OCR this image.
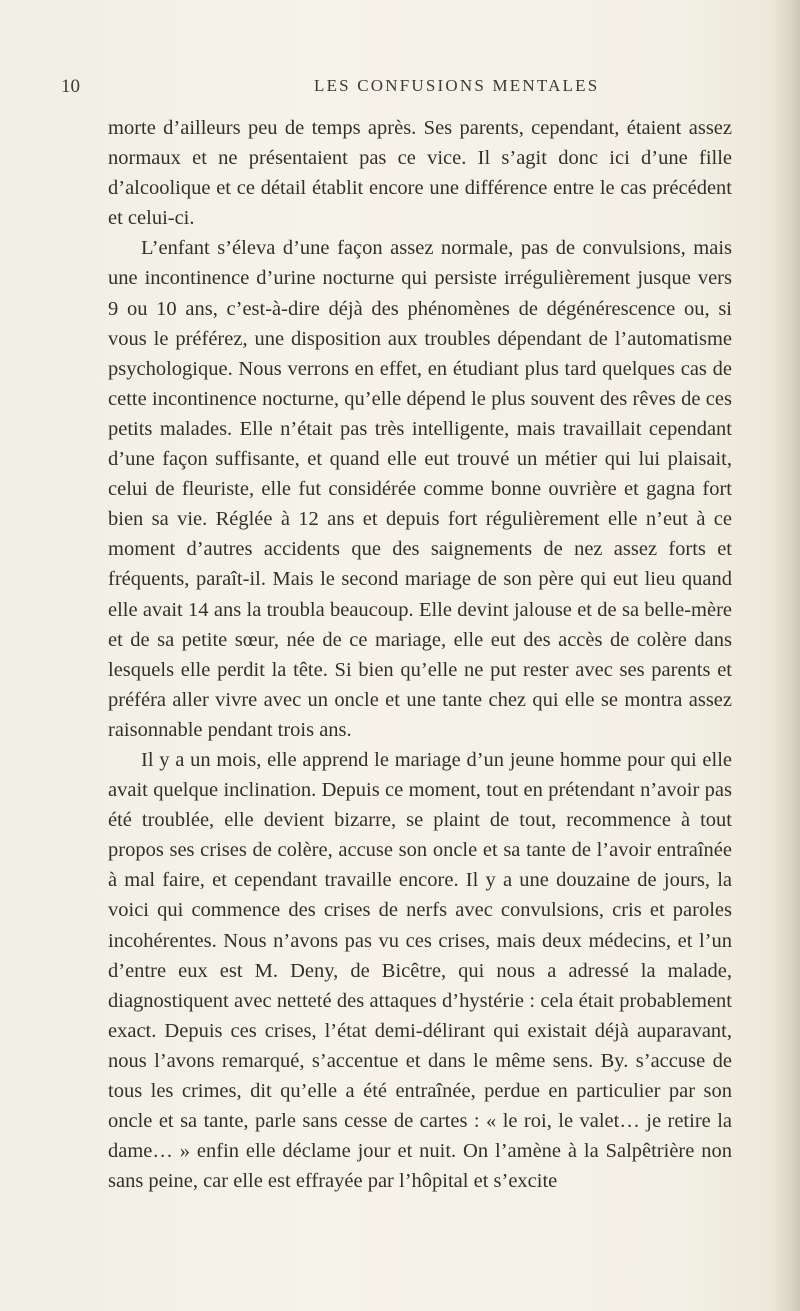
10	LES CONFUSIONS MENTALES

morte d’ailleurs peu de temps après. Ses parents, cependant, étaient assez normaux et ne présentaient pas ce vice. Il s’agit donc ici d’une fille d’alcoolique et ce détail établit encore une différence entre le cas précédent et celui-ci.

L’enfant s’éleva d’une façon assez normale, pas de convulsions, mais une incontinence d’urine nocturne qui persiste irrégulièrement jusque vers 9 ou 10 ans, c’est-à-dire déjà des phénomènes de dégénérescence ou, si vous le préférez, une disposition aux troubles dépendant de l’automatisme psychologique. Nous verrons en effet, en étudiant plus tard quelques cas de cette incontinence nocturne, qu’elle dépend le plus souvent des rêves de ces petits malades. Elle n’était pas très intelligente, mais travaillait cependant d’une façon suffisante, et quand elle eut trouvé un métier qui lui plaisait, celui de fleuriste, elle fut considérée comme bonne ouvrière et gagna fort bien sa vie. Réglée à 12 ans et depuis fort régulièrement elle n’eut à ce moment d’autres accidents que des saignements de nez assez forts et fréquents, paraît-il. Mais le second mariage de son père qui eut lieu quand elle avait 14 ans la troubla beaucoup. Elle devint jalouse et de sa belle-mère et de sa petite sœur, née de ce mariage, elle eut des accès de colère dans lesquels elle perdit la tête. Si bien qu’elle ne put rester avec ses parents et préféra aller vivre avec un oncle et une tante chez qui elle se montra assez raisonnable pendant trois ans.

Il y a un mois, elle apprend le mariage d’un jeune homme pour qui elle avait quelque inclination. Depuis ce moment, tout en prétendant n’avoir pas été troublée, elle devient bizarre, se plaint de tout, recommence à tout propos ses crises de colère, accuse son oncle et sa tante de l’avoir entraînée à mal faire, et cependant travaille encore. Il y a une douzaine de jours, la voici qui commence des crises de nerfs avec convulsions, cris et paroles incohérentes. Nous n’avons pas vu ces crises, mais deux médecins, et l’un d’entre eux est M. Deny, de Bicêtre, qui nous a adressé la malade, diagnostiquent avec netteté des attaques d’hystérie : cela était probablement exact. Depuis ces crises, l’état demi-délirant qui existait déjà auparavant, nous l’avons remarqué, s’accentue et dans le même sens. By. s’accuse de tous les crimes, dit qu’elle a été entraînée, perdue en particulier par son oncle et sa tante, parle sans cesse de cartes : « le roi, le valet… je retire la dame… » enfin elle déclame jour et nuit. On l’amène à la Salpêtrière non sans peine, car elle est effrayée par l’hôpital et s’excite
